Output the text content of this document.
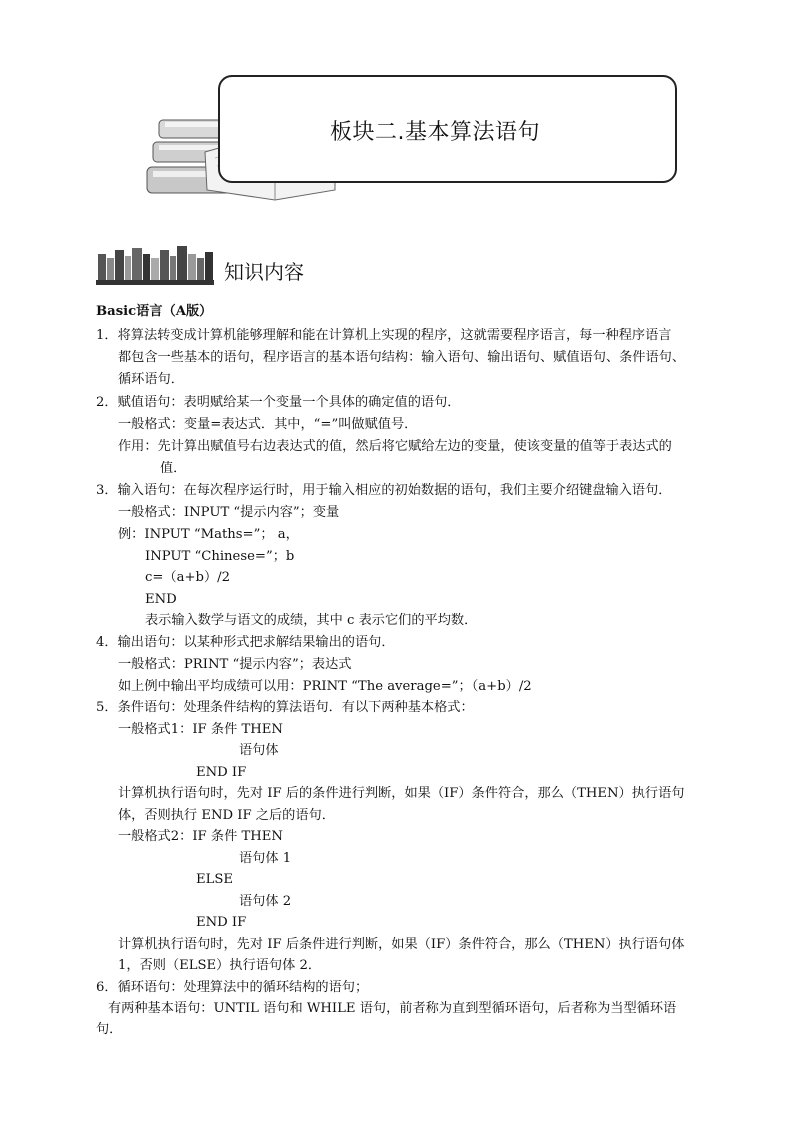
板块二.基本算法语句
知识内容
Basic语言（A版）
1．将算法转变成计算机能够理解和能在计算机上实现的程序，这就需要程序语言，每一种程序语言
都包含一些基本的语句，程序语言的基本语句结构：输入语句、输出语句、赋值语句、条件语句、
循环语句．
2．赋值语句：表明赋给某一个变量一个具体的确定值的语句．
一般格式：变量=表达式．其中，“=”叫做赋值号．
作用：先计算出赋值号右边表达式的值，然后将它赋给左边的变量，使该变量的值等于表达式的
值．
3．输入语句：在每次程序运行时，用于输入相应的初始数据的语句，我们主要介绍键盘输入语句．
一般格式：INPUT “提示内容”；变量
例：INPUT “Maths=”； a，
INPUT “Chinese=”；b
c=（a+b）/2
END
表示输入数学与语文的成绩，其中 c 表示它们的平均数．
4．输出语句：以某种形式把求解结果输出的语句．
一般格式：PRINT “提示内容”；表达式
如上例中输出平均成绩可以用：PRINT “The average=”；（a+b）/2
5．条件语句：处理条件结构的算法语句．有以下两种基本格式：
一般格式1：IF 条件 THEN
语句体
END IF
计算机执行语句时，先对 IF 后的条件进行判断，如果（IF）条件符合，那么（THEN）执行语句
体，否则执行 END IF 之后的语句．
一般格式2：IF 条件 THEN
语句体 1
ELSE
语句体 2
END IF
计算机执行语句时，先对 IF 后条件进行判断，如果（IF）条件符合，那么（THEN）执行语句体
1，否则（ELSE）执行语句体 2．
6．循环语句：处理算法中的循环结构的语句；
有两种基本语句：UNTIL 语句和 WHILE 语句，前者称为直到型循环语句，后者称为当型循环语
句．
